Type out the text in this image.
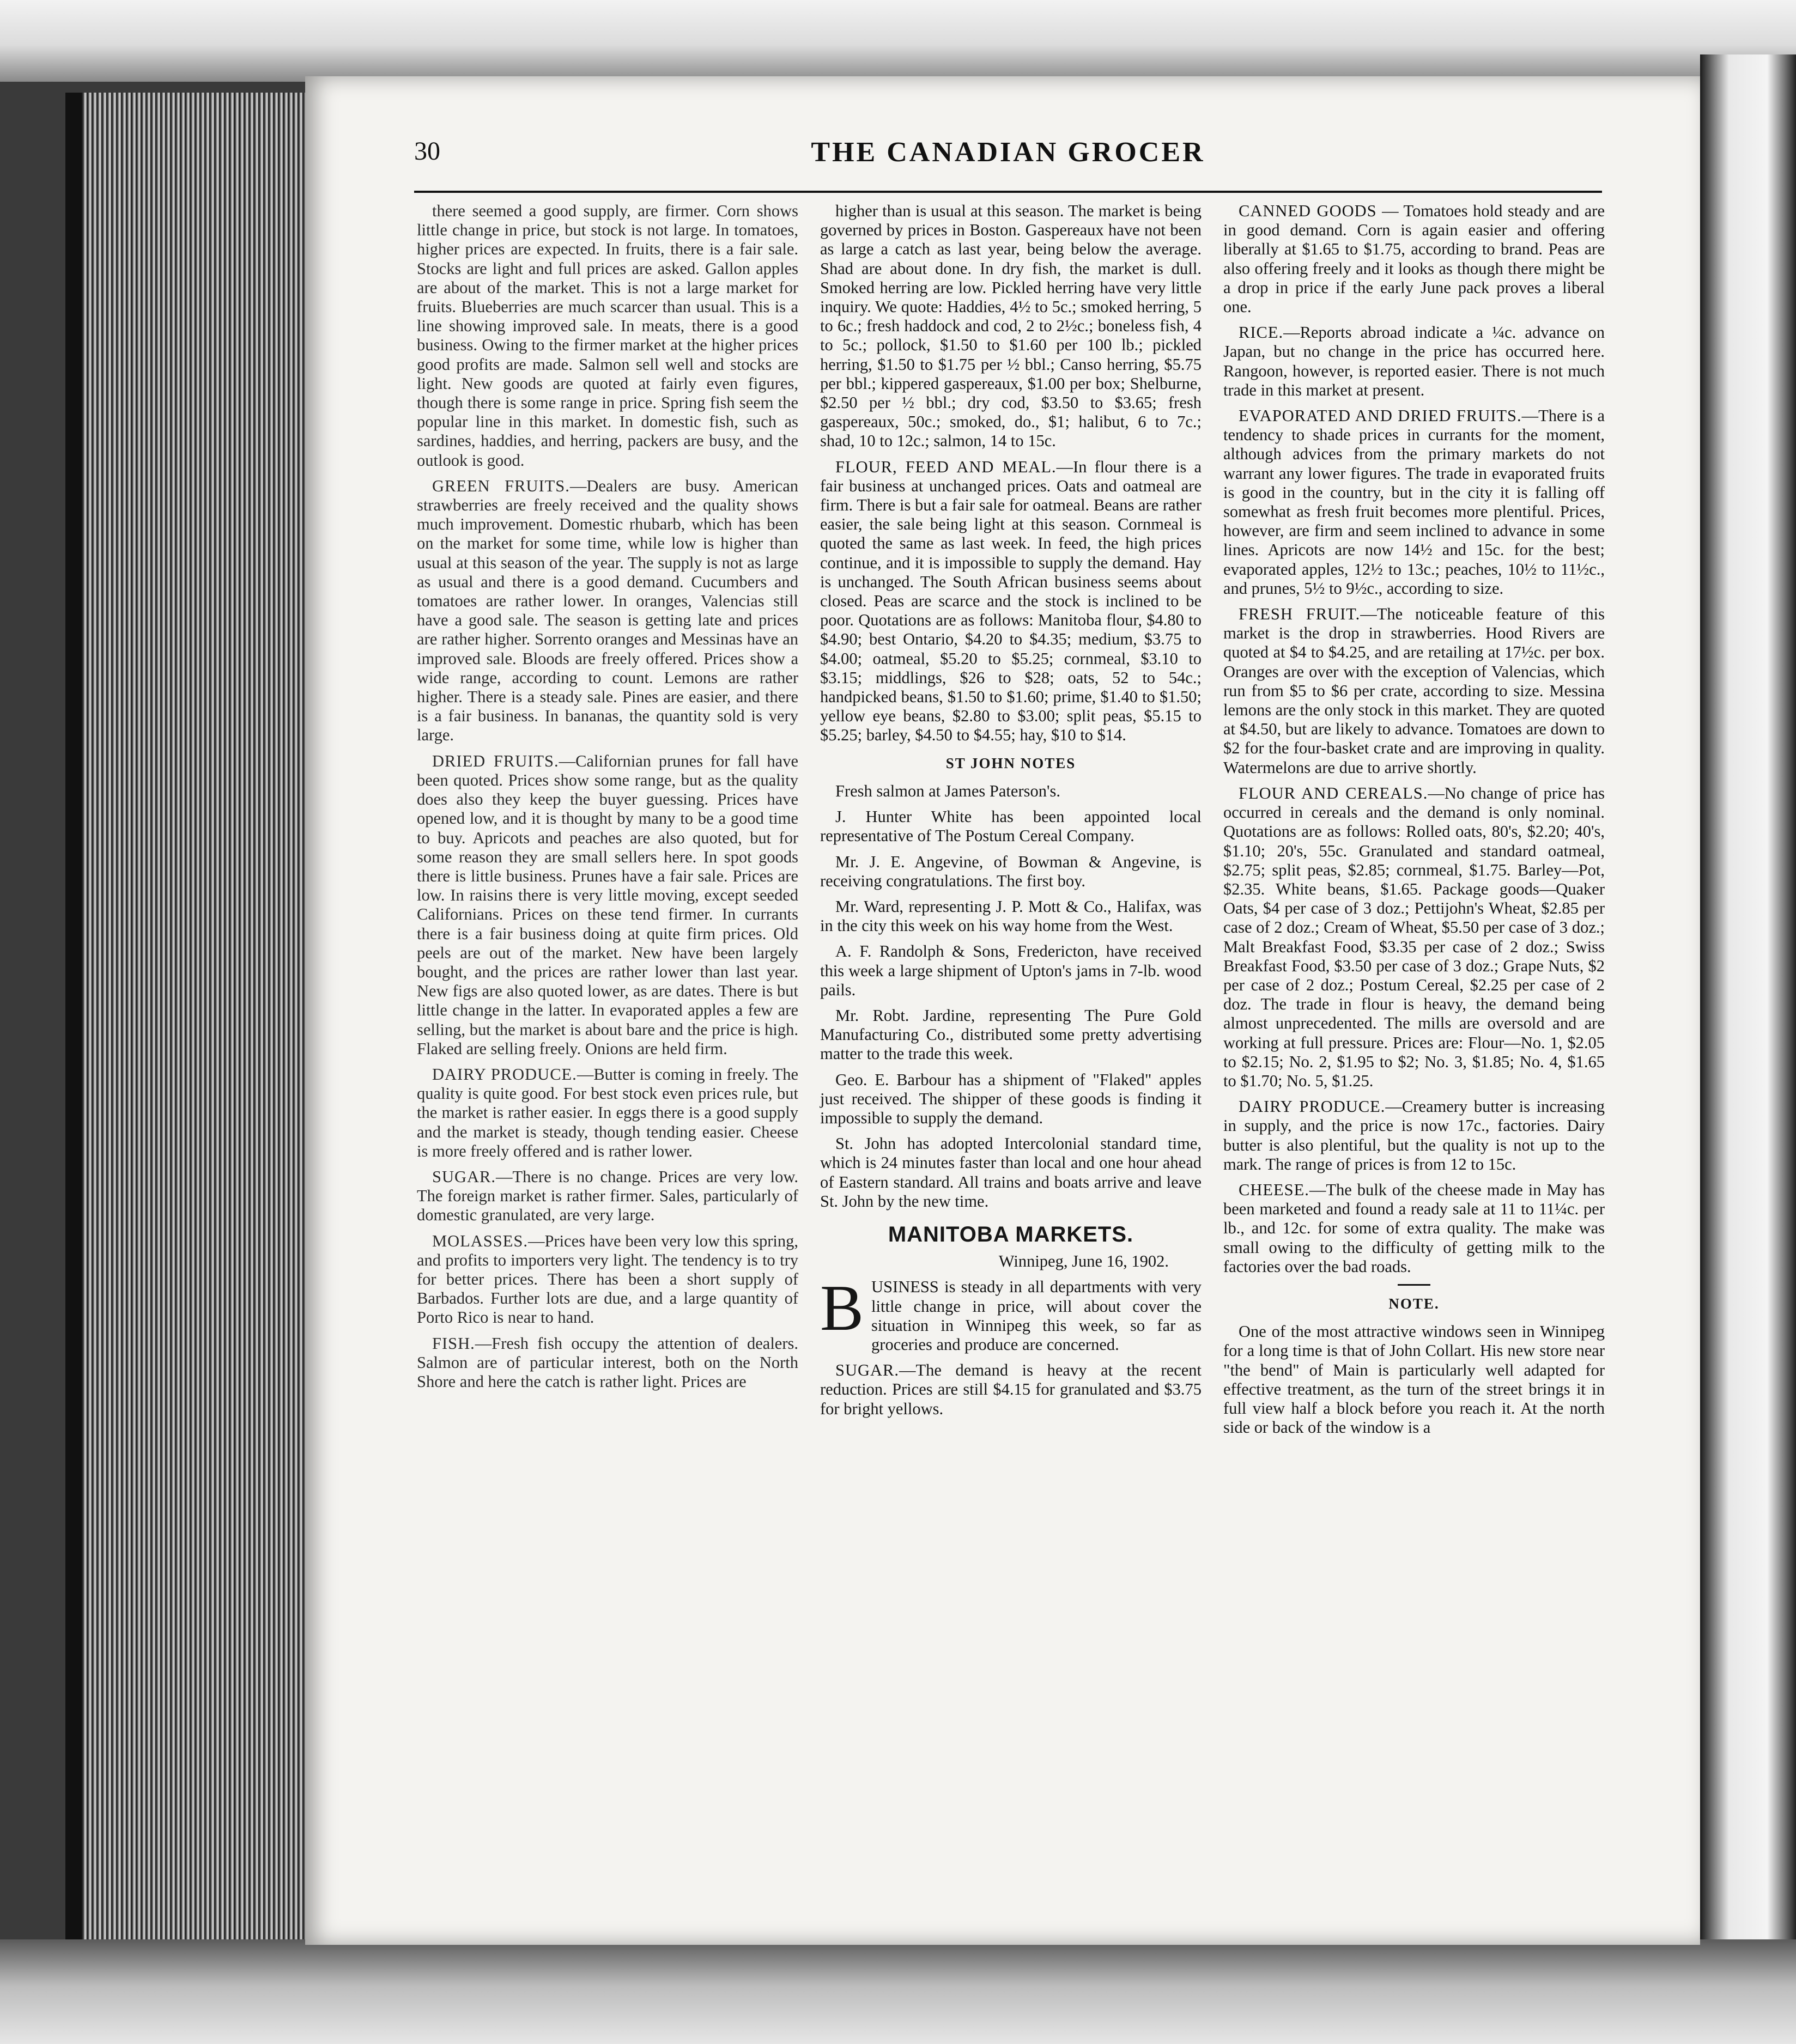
30	THE CANADIAN GROCER

there seemed a good supply, are firmer. Corn shows little change in price, but stock is not large. In tomatoes, higher prices are expected. In fruits, there is a fair sale. Stocks are light and full prices are asked. Gallon apples are about of the market. This is not a large market for fruits. Blueberries are much scarcer than usual. This is a line showing improved sale. In meats, there is a good business. Owing to the firmer market at the higher prices good profits are made. Salmon sell well and stocks are light. New goods are quoted at fairly even figures, though there is some range in price. Spring fish seem the popular line in this market. In domestic fish, such as sardines, haddies, and herring, packers are busy, and the outlook is good.

GREEN FRUITS.—Dealers are busy. American strawberries are freely received and the quality shows much improvement. Domestic rhubarb, which has been on the market for some time, while low is higher than usual at this season of the year. The supply is not as large as usual and there is a good demand. Cucumbers and tomatoes are rather lower. In oranges, Valencias still have a good sale. The season is getting late and prices are rather higher. Sorrento oranges and Messinas have an improved sale. Bloods are freely offered. Prices show a wide range, according to count. Lemons are rather higher. There is a steady sale. Pines are easier, and there is a fair business. In bananas, the quantity sold is very large.

DRIED FRUITS.—Californian prunes for fall have been quoted. Prices show some range, but as the quality does also they keep the buyer guessing. Prices have opened low, and it is thought by many to be a good time to buy. Apricots and peaches are also quoted, but for some reason they are small sellers here. In spot goods there is little business. Prunes have a fair sale. Prices are low. In raisins there is very little moving, except seeded Californians. Prices on these tend firmer. In currants there is a fair business doing at quite firm prices. Old peels are out of the market. New have been largely bought, and the prices are rather lower than last year. New figs are also quoted lower, as are dates. There is but little change in the latter. In evaporated apples a few are selling, but the market is about bare and the price is high. Flaked are selling freely. Onions are held firm.

DAIRY PRODUCE.—Butter is coming in freely. The quality is quite good. For best stock even prices rule, but the market is rather easier. In eggs there is a good supply and the market is steady, though tending easier. Cheese is more freely offered and is rather lower.

SUGAR.—There is no change. Prices are very low. The foreign market is rather firmer. Sales, particularly of domestic granulated, are very large.

MOLASSES.—Prices have been very low this spring, and profits to importers very light. The tendency is to try for better prices. There has been a short supply of Barbados. Further lots are due, and a large quantity of Porto Rico is near to hand.

FISH.—Fresh fish occupy the attention of dealers. Salmon are of particular interest, both on the North Shore and here the catch is rather light. Prices are

higher than is usual at this season. The market is being governed by prices in Boston. Gaspereaux have not been as large a catch as last year, being below the average. Shad are about done. In dry fish, the market is dull. Smoked herring are low. Pickled herring have very little inquiry. We quote: Haddies, 4½ to 5c.; smoked herring, 5 to 6c.; fresh haddock and cod, 2 to 2½c.; boneless fish, 4 to 5c.; pollock, $1.50 to $1.60 per 100 lb.; pickled herring, $1.50 to $1.75 per ½ bbl.; Canso herring, $5.75 per bbl.; kippered gaspereaux, $1.00 per box; Shelburne, $2.50 per ½ bbl.; dry cod, $3.50 to $3.65; fresh gaspereaux, 50c.; smoked, do., $1; halibut, 6 to 7c.; shad, 10 to 12c.; salmon, 14 to 15c.

FLOUR, FEED AND MEAL.—In flour there is a fair business at unchanged prices. Oats and oatmeal are firm. There is but a fair sale for oatmeal. Beans are rather easier, the sale being light at this season. Cornmeal is quoted the same as last week. In feed, the high prices continue, and it is impossible to supply the demand. Hay is unchanged. The South African business seems about closed. Peas are scarce and the stock is inclined to be poor. Quotations are as follows: Manitoba flour, $4.80 to $4.90; best Ontario, $4.20 to $4.35; medium, $3.75 to $4.00; oatmeal, $5.20 to $5.25; cornmeal, $3.10 to $3.15; middlings, $26 to $28; oats, 52 to 54c.; handpicked beans, $1.50 to $1.60; prime, $1.40 to $1.50; yellow eye beans, $2.80 to $3.00; split peas, $5.15 to $5.25; barley, $4.50 to $4.55; hay, $10 to $14.

ST JOHN NOTES

Fresh salmon at James Paterson's.

J. Hunter White has been appointed local representative of The Postum Cereal Company.

Mr. J. E. Angevine, of Bowman & Angevine, is receiving congratulations. The first boy.

Mr. Ward, representing J. P. Mott & Co., Halifax, was in the city this week on his way home from the West.

A. F. Randolph & Sons, Fredericton, have received this week a large shipment of Upton's jams in 7-lb. wood pails.

Mr. Robt. Jardine, representing The Pure Gold Manufacturing Co., distributed some pretty advertising matter to the trade this week.

Geo. E. Barbour has a shipment of "Flaked" apples just received. The shipper of these goods is finding it impossible to supply the demand.

St. John has adopted Intercolonial standard time, which is 24 minutes faster than local and one hour ahead of Eastern standard. All trains and boats arrive and leave St. John by the new time.

MANITOBA MARKETS.
Winnipeg, June 16, 1902.

BUSINESS is steady in all departments with very little change in price, will about cover the situation in Winnipeg this week, so far as groceries and produce are concerned.

SUGAR.—The demand is heavy at the recent reduction. Prices are still $4.15 for granulated and $3.75 for bright yellows.

CANNED GOODS — Tomatoes hold steady and are in good demand. Corn is again easier and offering liberally at $1.65 to $1.75, according to brand. Peas are also offering freely and it looks as though there might be a drop in price if the early June pack proves a liberal one.

RICE.—Reports abroad indicate a ¼c. advance on Japan, but no change in the price has occurred here. Rangoon, however, is reported easier. There is not much trade in this market at present.

EVAPORATED AND DRIED FRUITS.—There is a tendency to shade prices in currants for the moment, although advices from the primary markets do not warrant any lower figures. The trade in evaporated fruits is good in the country, but in the city it is falling off somewhat as fresh fruit becomes more plentiful. Prices, however, are firm and seem inclined to advance in some lines. Apricots are now 14½ and 15c. for the best; evaporated apples, 12½ to 13c.; peaches, 10½ to 11½c., and prunes, 5½ to 9½c., according to size.

FRESH FRUIT.—The noticeable feature of this market is the drop in strawberries. Hood Rivers are quoted at $4 to $4.25, and are retailing at 17½c. per box. Oranges are over with the exception of Valencias, which run from $5 to $6 per crate, according to size. Messina lemons are the only stock in this market. They are quoted at $4.50, but are likely to advance. Tomatoes are down to $2 for the four-basket crate and are improving in quality. Watermelons are due to arrive shortly.

FLOUR AND CEREALS.—No change of price has occurred in cereals and the demand is only nominal. Quotations are as follows: Rolled oats, 80's, $2.20; 40's, $1.10; 20's, 55c. Granulated and standard oatmeal, $2.75; split peas, $2.85; cornmeal, $1.75. Barley—Pot, $2.35. White beans, $1.65. Package goods—Quaker Oats, $4 per case of 3 doz.; Pettijohn's Wheat, $2.85 per case of 2 doz.; Cream of Wheat, $5.50 per case of 3 doz.; Malt Breakfast Food, $3.35 per case of 2 doz.; Swiss Breakfast Food, $3.50 per case of 3 doz.; Grape Nuts, $2 per case of 2 doz.; Postum Cereal, $2.25 per case of 2 doz. The trade in flour is heavy, the demand being almost unprecedented. The mills are oversold and are working at full pressure. Prices are: Flour—No. 1, $2.05 to $2.15; No. 2, $1.95 to $2; No. 3, $1.85; No. 4, $1.65 to $1.70; No. 5, $1.25.

DAIRY PRODUCE.—Creamery butter is increasing in supply, and the price is now 17c., factories. Dairy butter is also plentiful, but the quality is not up to the mark. The range of prices is from 12 to 15c.

CHEESE.—The bulk of the cheese made in May has been marketed and found a ready sale at 11 to 11¼c. per lb., and 12c. for some of extra quality. The make was small owing to the difficulty of getting milk to the factories over the bad roads.

NOTE.

One of the most attractive windows seen in Winnipeg for a long time is that of John Collart. His new store near "the bend" of Main is particularly well adapted for effective treatment, as the turn of the street brings it in full view half a block before you reach it. At the north side or back of the window is a
